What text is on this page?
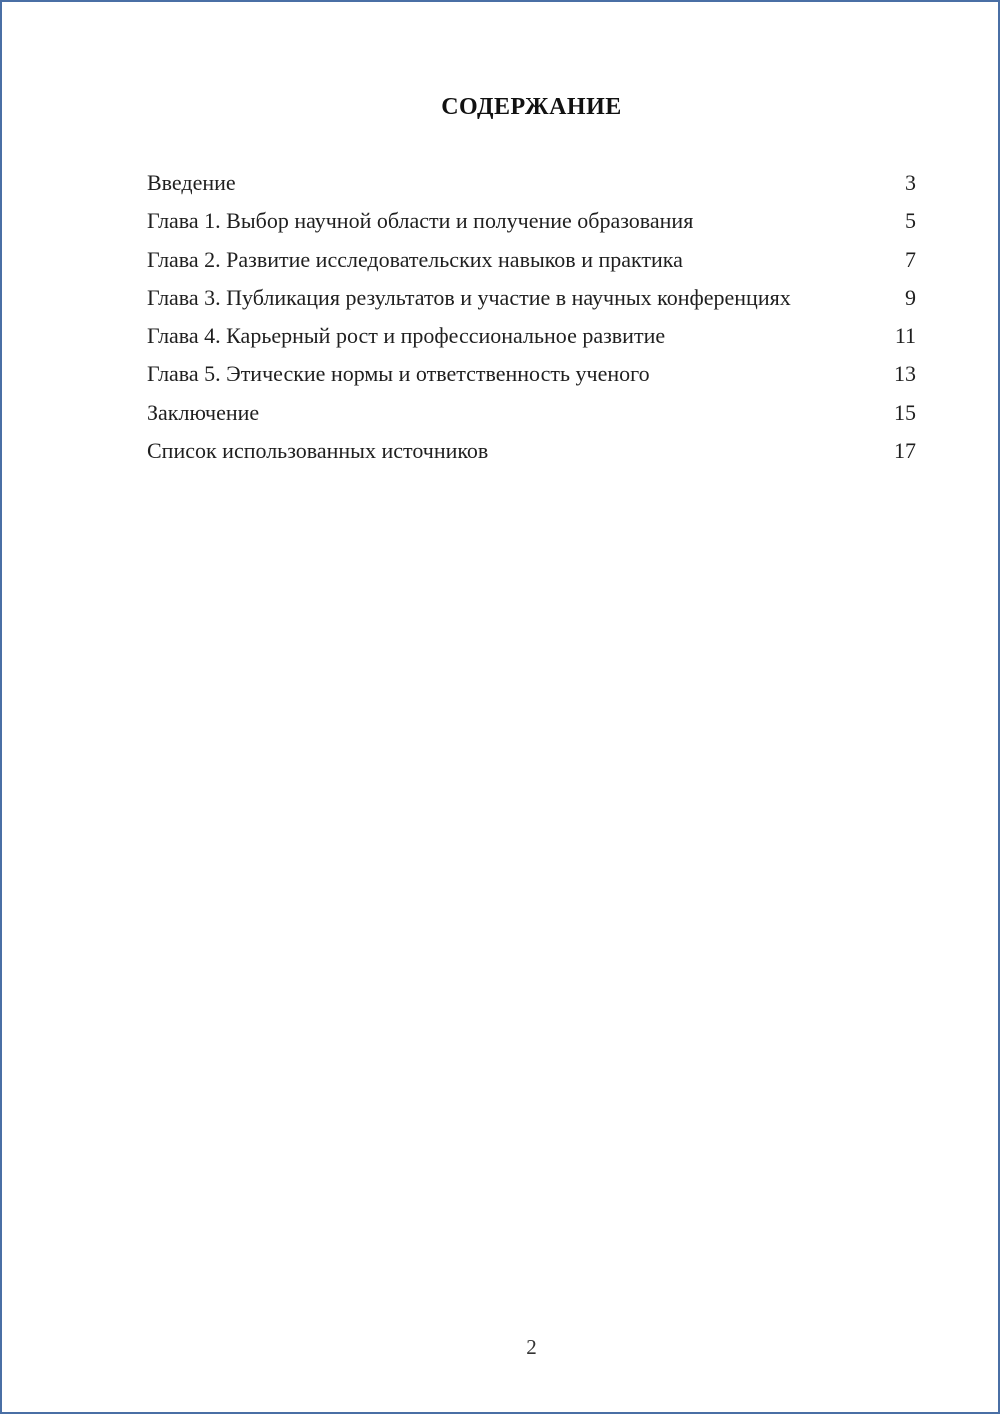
СОДЕРЖАНИЕ
Введение	3
Глава 1. Выбор научной области и получение образования	5
Глава 2. Развитие исследовательских навыков и практика	7
Глава 3. Публикация результатов и участие в научных конференциях	9
Глава 4. Карьерный рост и профессиональное развитие	11
Глава 5. Этические нормы и ответственность ученого	13
Заключение	15
Список использованных источников	17
2
